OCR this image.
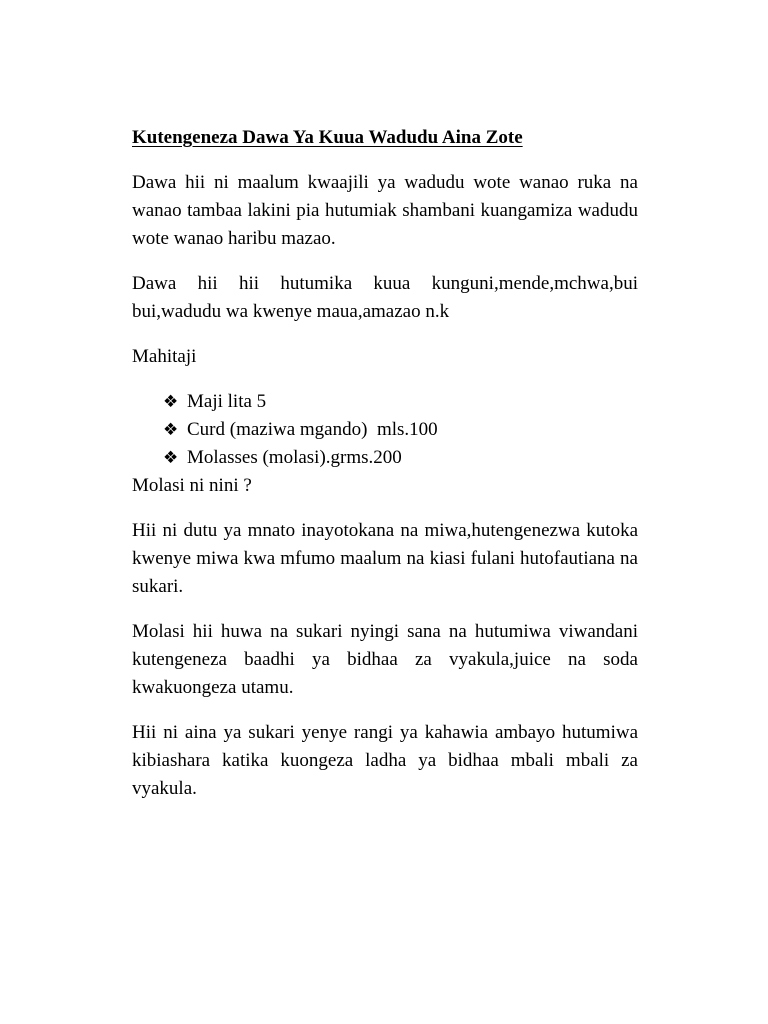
Kutengeneza Dawa Ya Kuua Wadudu Aina Zote

Dawa hii ni maalum kwaajili ya wadudu wote wanao ruka na wanao tambaa lakini pia hutumiak shambani kuangamiza wadudu wote wanao haribu mazao.

Dawa hii hii hutumika kuua kunguni,mende,mchwa,bui bui,wadudu wa kwenye maua,amazao n.k

Mahitaji

❖ Maji lita 5
❖ Curd (maziwa mgando)  mls.100
❖ Molasses (molasi).grms.200

Molasi ni nini ?

Hii ni dutu ya mnato inayotokana na miwa,hutengenezwa kutoka kwenye miwa kwa mfumo maalum na kiasi fulani hutofautiana na sukari.

Molasi hii huwa na sukari nyingi sana na hutumiwa viwandani kutengeneza baadhi ya bidhaa za vyakula,juice na soda kwakuongeza utamu.

Hii ni aina ya sukari yenye rangi ya kahawia ambayo hutumiwa kibiashara katika kuongeza ladha ya bidhaa mbali mbali za vyakula.
